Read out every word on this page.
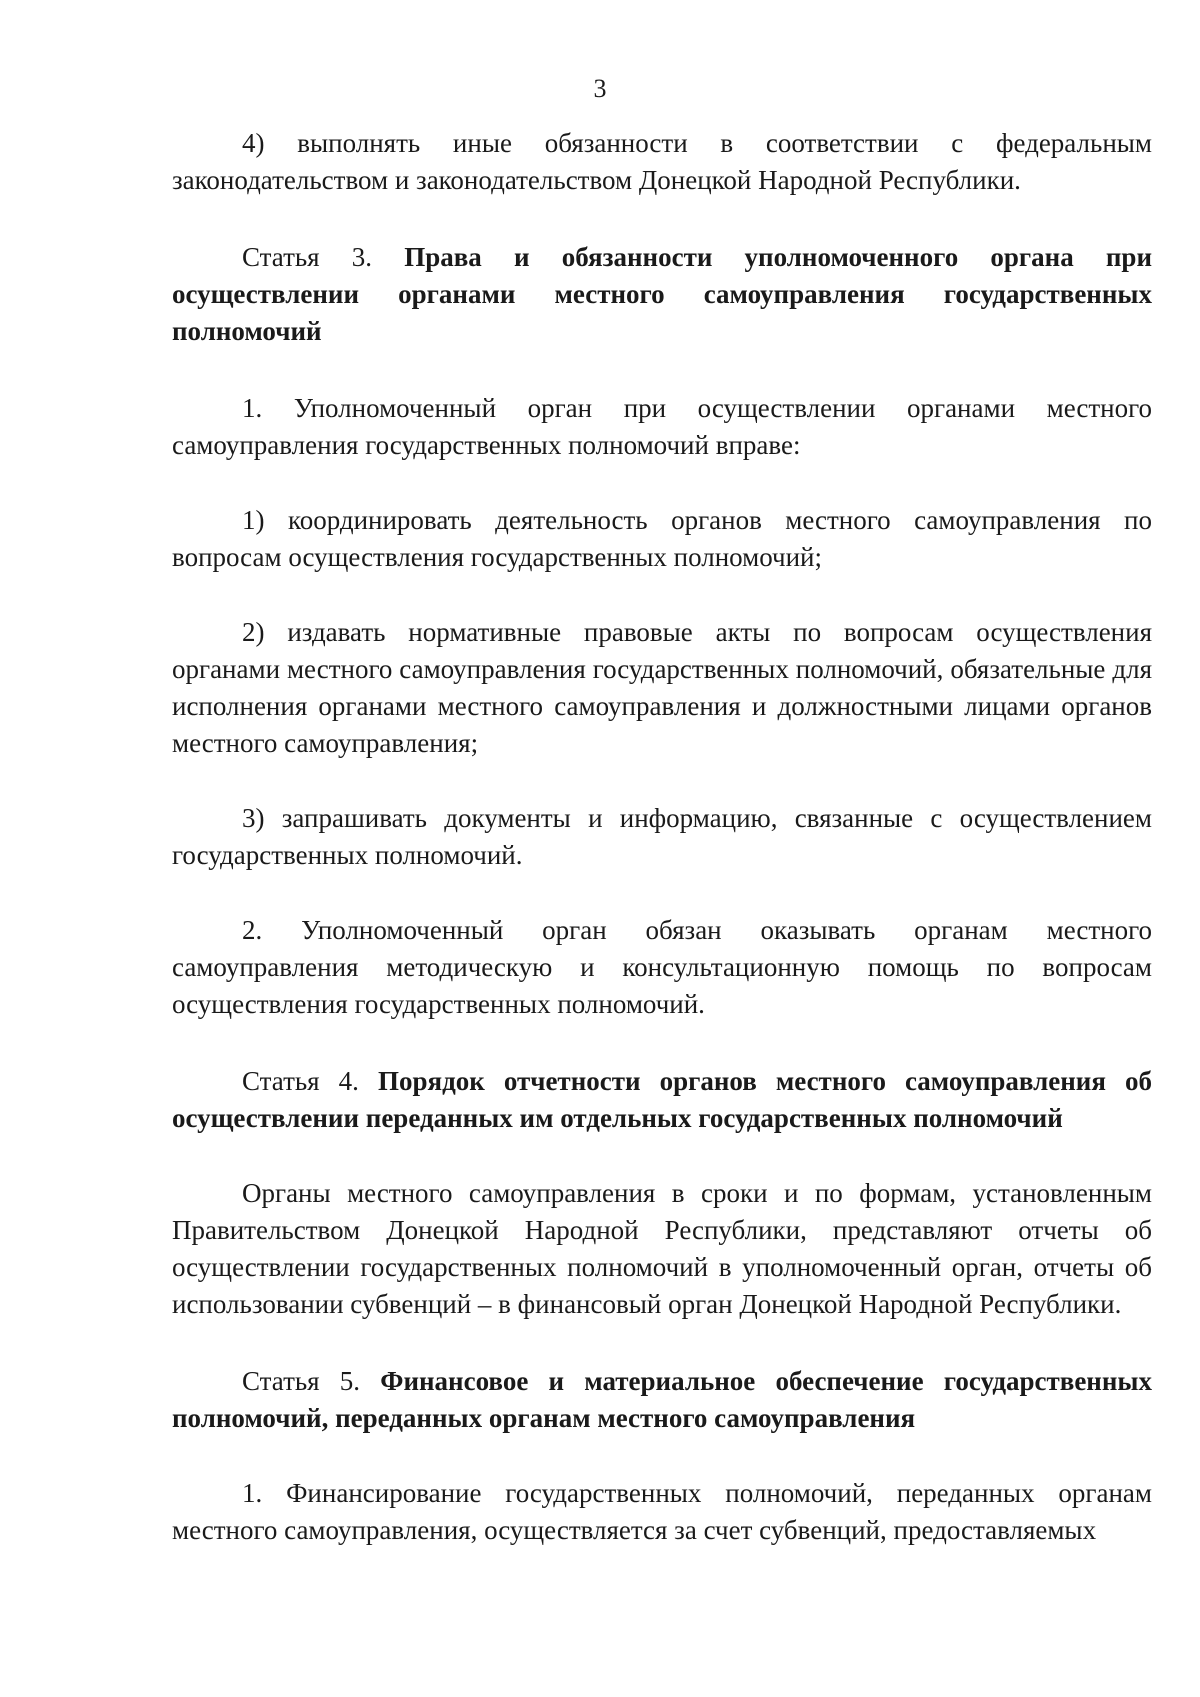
3

4) выполнять иные обязанности в соответствии с федеральным законодательством и законодательством Донецкой Народной Республики.

Статья 3. Права и обязанности уполномоченного органа при осуществлении органами местного самоуправления государственных полномочий

1. Уполномоченный орган при осуществлении органами местного самоуправления государственных полномочий вправе:

1) координировать деятельность органов местного самоуправления по вопросам осуществления государственных полномочий;

2) издавать нормативные правовые акты по вопросам осуществления органами местного самоуправления государственных полномочий, обязательные для исполнения органами местного самоуправления и должностными лицами органов местного самоуправления;

3) запрашивать документы и информацию, связанные с осуществлением государственных полномочий.

2. Уполномоченный орган обязан оказывать органам местного самоуправления методическую и консультационную помощь по вопросам осуществления государственных полномочий.

Статья 4. Порядок отчетности органов местного самоуправления об осуществлении переданных им отдельных государственных полномочий

Органы местного самоуправления в сроки и по формам, установленным Правительством Донецкой Народной Республики, представляют отчеты об осуществлении государственных полномочий в уполномоченный орган, отчеты об использовании субвенций – в финансовый орган Донецкой Народной Республики.

Статья 5. Финансовое и материальное обеспечение государственных полномочий, переданных органам местного самоуправления

1. Финансирование государственных полномочий, переданных органам местного самоуправления, осуществляется за счет субвенций, предоставляемых
